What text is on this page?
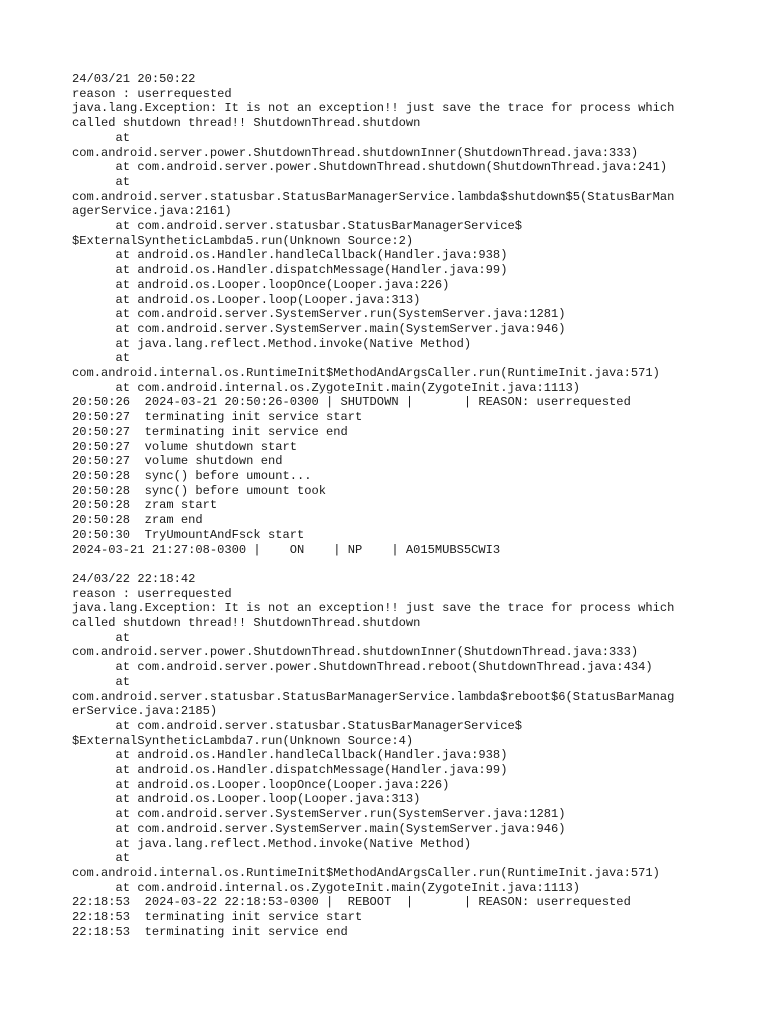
24/03/21 20:50:22
reason : userrequested
java.lang.Exception: It is not an exception!! just save the trace for process which
called shutdown thread!! ShutdownThread.shutdown
at
com.android.server.power.ShutdownThread.shutdownInner(ShutdownThread.java:333)
at com.android.server.power.ShutdownThread.shutdown(ShutdownThread.java:241)
at
com.android.server.statusbar.StatusBarManagerService.lambda$shutdown$5(StatusBarMan
agerService.java:2161)
at com.android.server.statusbar.StatusBarManagerService$
$ExternalSyntheticLambda5.run(Unknown Source:2)
at android.os.Handler.handleCallback(Handler.java:938)
at android.os.Handler.dispatchMessage(Handler.java:99)
at android.os.Looper.loopOnce(Looper.java:226)
at android.os.Looper.loop(Looper.java:313)
at com.android.server.SystemServer.run(SystemServer.java:1281)
at com.android.server.SystemServer.main(SystemServer.java:946)
at java.lang.reflect.Method.invoke(Native Method)
at
com.android.internal.os.RuntimeInit$MethodAndArgsCaller.run(RuntimeInit.java:571)
at com.android.internal.os.ZygoteInit.main(ZygoteInit.java:1113)
20:50:26  2024-03-21 20:50:26-0300 | SHUTDOWN |       | REASON: userrequested
20:50:27  terminating init service start
20:50:27  terminating init service end
20:50:27  volume shutdown start
20:50:27  volume shutdown end
20:50:28  sync() before umount...
20:50:28  sync() before umount took
20:50:28  zram start
20:50:28  zram end
20:50:30  TryUmountAndFsck start
2024-03-21 21:27:08-0300 |    ON    | NP    | A015MUBS5CWI3
24/03/22 22:18:42
reason : userrequested
java.lang.Exception: It is not an exception!! just save the trace for process which
called shutdown thread!! ShutdownThread.shutdown
at
com.android.server.power.ShutdownThread.shutdownInner(ShutdownThread.java:333)
at com.android.server.power.ShutdownThread.reboot(ShutdownThread.java:434)
at
com.android.server.statusbar.StatusBarManagerService.lambda$reboot$6(StatusBarManag
erService.java:2185)
at com.android.server.statusbar.StatusBarManagerService$
$ExternalSyntheticLambda7.run(Unknown Source:4)
at android.os.Handler.handleCallback(Handler.java:938)
at android.os.Handler.dispatchMessage(Handler.java:99)
at android.os.Looper.loopOnce(Looper.java:226)
at android.os.Looper.loop(Looper.java:313)
at com.android.server.SystemServer.run(SystemServer.java:1281)
at com.android.server.SystemServer.main(SystemServer.java:946)
at java.lang.reflect.Method.invoke(Native Method)
at
com.android.internal.os.RuntimeInit$MethodAndArgsCaller.run(RuntimeInit.java:571)
at com.android.internal.os.ZygoteInit.main(ZygoteInit.java:1113)
22:18:53  2024-03-22 22:18:53-0300 |  REBOOT  |       | REASON: userrequested
22:18:53  terminating init service start
22:18:53  terminating init service end
